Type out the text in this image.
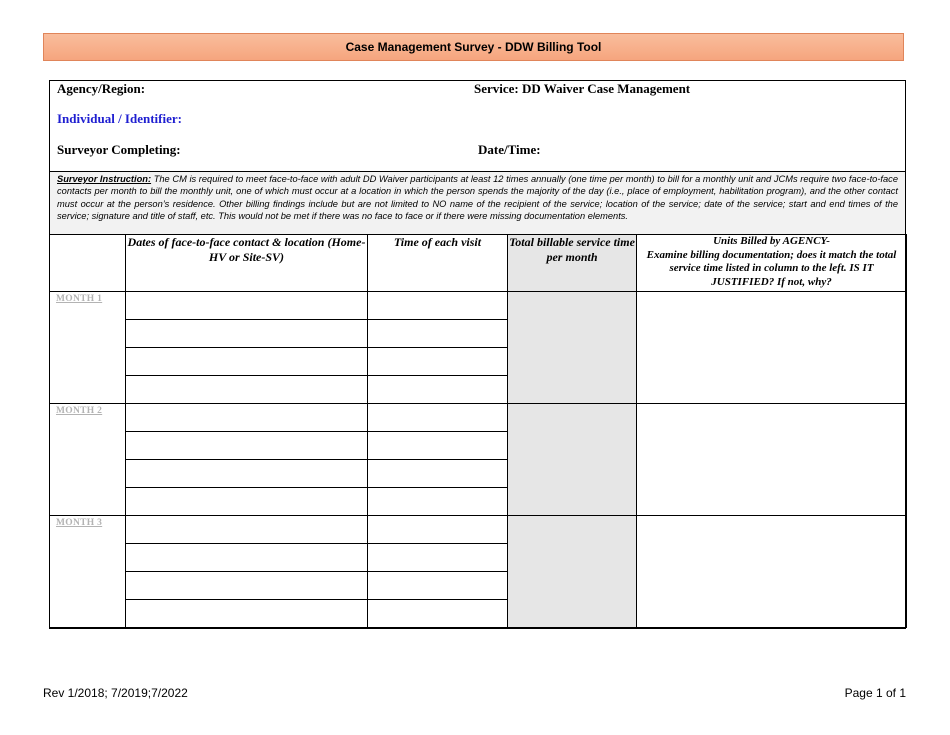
Case Management Survey - DDW Billing Tool
Agency/Region:	Service: DD Waiver Case Management
Individual / Identifier:
Surveyor Completing:	Date/Time:
Surveyor Instruction: The CM is required to meet face-to-face with adult DD Waiver participants at least 12 times annually (one time per month) to bill for a monthly unit and JCMs require two face-to-face contacts per month to bill the monthly unit, one of which must occur at a location in which the person spends the majority of the day (i.e., place of employment, habilitation program), and the other contact must occur at the person’s residence. Other billing findings include but are not limited to NO name of the recipient of the service; location of the service; date of the service; start and end times of the service; signature and title of staff, etc. This would not be met if there was no face to face or if there were missing documentation elements.
	Dates of face-to-face contact & location (Home-HV or Site-SV)	Time of each visit	Total billable service time per month	Units Billed by AGENCY-
Examine billing documentation; does it match the total service time listed in column to the left. IS IT JUSTIFIED? If not, why?

MONTH 1				

MONTH 2				

MONTH 3				

Rev 1/2018; 7/2019;7/2022	Page 1 of 1
